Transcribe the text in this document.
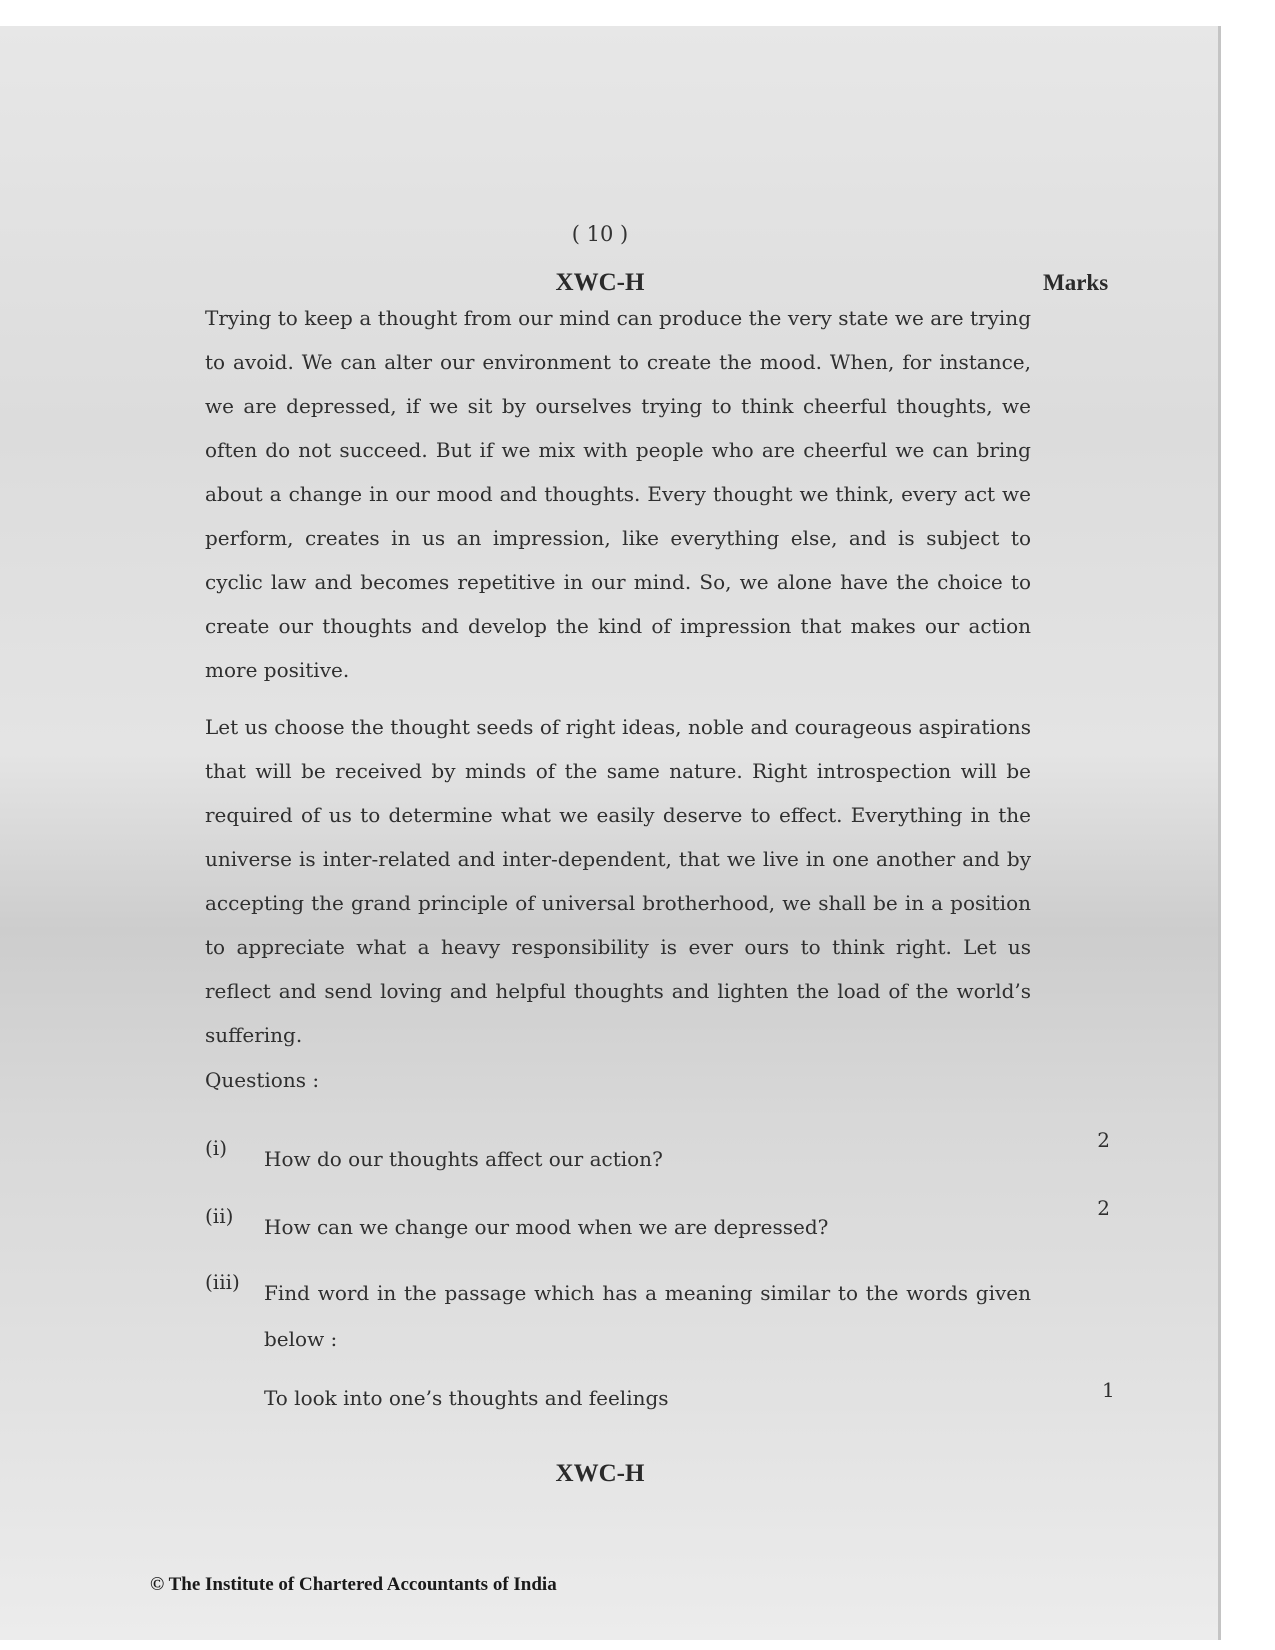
( 10 )
XWC-H	Marks

Trying to keep a thought from our mind can produce the very state we are trying to avoid. We can alter our environment to create the mood. When, for instance, we are depressed, if we sit by ourselves trying to think cheerful thoughts, we often do not succeed. But if we mix with people who are cheerful we can bring about a change in our mood and thoughts. Every thought we think, every act we perform, creates in us an impression, like everything else, and is subject to cyclic law and becomes repetitive in our mind. So, we alone have the choice to create our thoughts and develop the kind of impression that makes our action more positive.

Let us choose the thought seeds of right ideas, noble and courageous aspirations that will be received by minds of the same nature. Right introspection will be required of us to determine what we easily deserve to effect. Everything in the universe is inter-related and inter-dependent, that we live in one another and by accepting the grand principle of universal brotherhood, we shall be in a position to appreciate what a heavy responsibility is ever ours to think right. Let us reflect and send loving and helpful thoughts and lighten the load of the world’s suffering.

Questions :
(i) How do our thoughts affect our action?
2
(ii) How can we change our mood when we are depressed?
2
(iii) Find word in the passage which has a meaning similar to the words given below :
To look into one’s thoughts and feelings	1
XWC-H
© The Institute of Chartered Accountants of India
